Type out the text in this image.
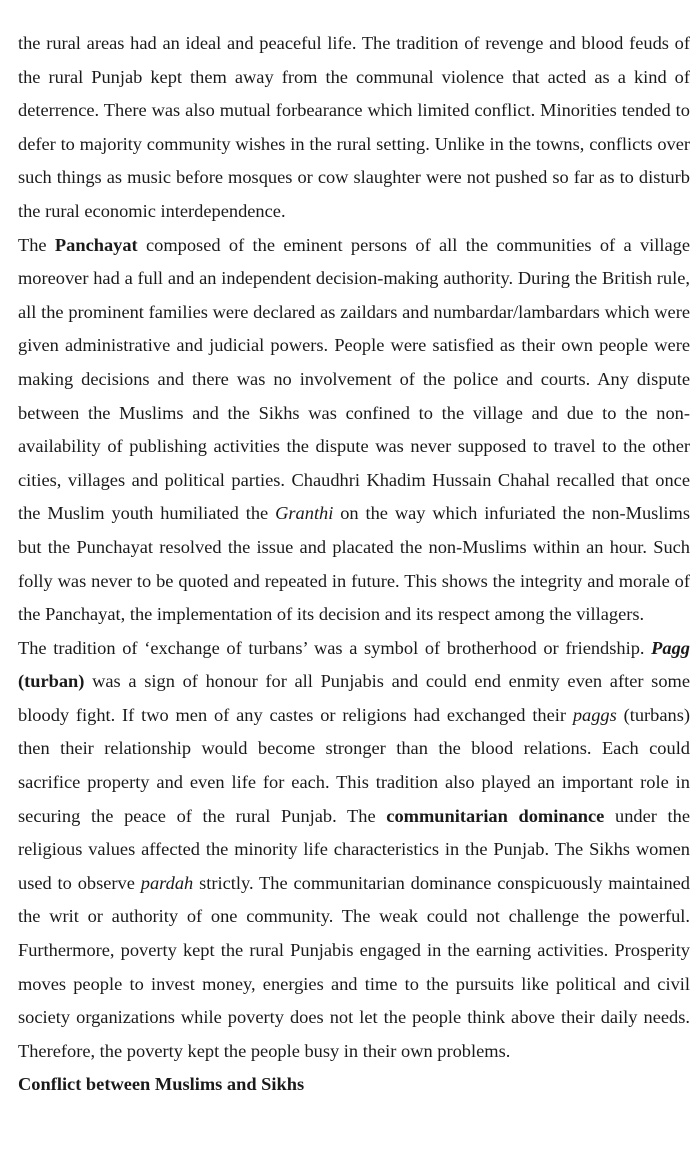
the rural areas had an ideal and peaceful life. The tradition of revenge and blood feuds of the rural Punjab kept them away from the communal violence that acted as a kind of deterrence. There was also mutual forbearance which limited conflict. Minorities tended to defer to majority community wishes in the rural setting. Unlike in the towns, conflicts over such things as music before mosques or cow slaughter were not pushed so far as to disturb the rural economic interdependence.

The Panchayat composed of the eminent persons of all the communities of a village moreover had a full and an independent decision-making authority. During the British rule, all the prominent families were declared as zaildars and numbardar/lambardars which were given administrative and judicial powers. People were satisfied as their own people were making decisions and there was no involvement of the police and courts. Any dispute between the Muslims and the Sikhs was confined to the village and due to the non-availability of publishing activities the dispute was never supposed to travel to the other cities, villages and political parties. Chaudhri Khadim Hussain Chahal recalled that once the Muslim youth humiliated the Granthi on the way which infuriated the non-Muslims but the Punchayat resolved the issue and placated the non-Muslims within an hour. Such folly was never to be quoted and repeated in future. This shows the integrity and morale of the Panchayat, the implementation of its decision and its respect among the villagers.

The tradition of ‘exchange of turbans’ was a symbol of brotherhood or friendship. Pagg (turban) was a sign of honour for all Punjabis and could end enmity even after some bloody fight. If two men of any castes or religions had exchanged their paggs (turbans) then their relationship would become stronger than the blood relations. Each could sacrifice property and even life for each. This tradition also played an important role in securing the peace of the rural Punjab. The communitarian dominance under the religious values affected the minority life characteristics in the Punjab. The Sikhs women used to observe pardah strictly. The communitarian dominance conspicuously maintained the writ or authority of one community. The weak could not challenge the powerful. Furthermore, poverty kept the rural Punjabis engaged in the earning activities. Prosperity moves people to invest money, energies and time to the pursuits like political and civil society organizations while poverty does not let the people think above their daily needs. Therefore, the poverty kept the people busy in their own problems.

Conflict between Muslims and Sikhs
